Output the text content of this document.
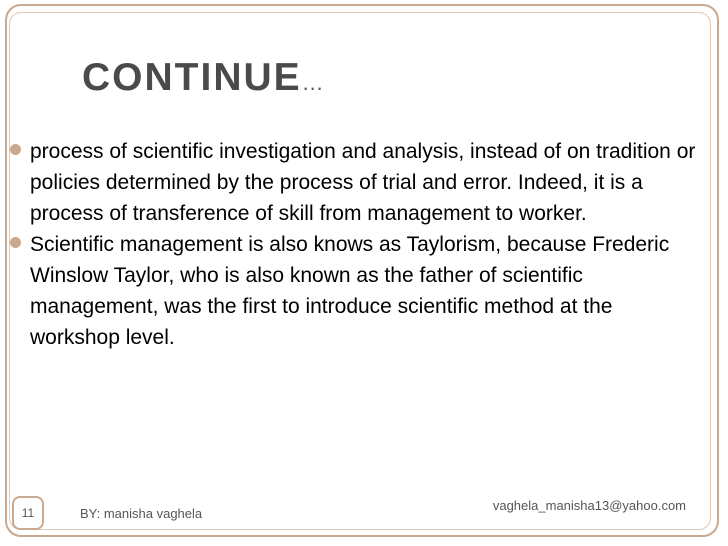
CONTINUE…
process of scientific investigation and analysis, instead of on tradition or policies determined by the process of trial and error. Indeed, it is a process of transference of skill from management to worker.
Scientific management is also knows as Taylorism, because Frederic Winslow Taylor, who is also known as the father of scientific management, was the first to introduce scientific method at the workshop level.
11	BY: manisha vaghela
vaghela_manisha13@yahoo.com
